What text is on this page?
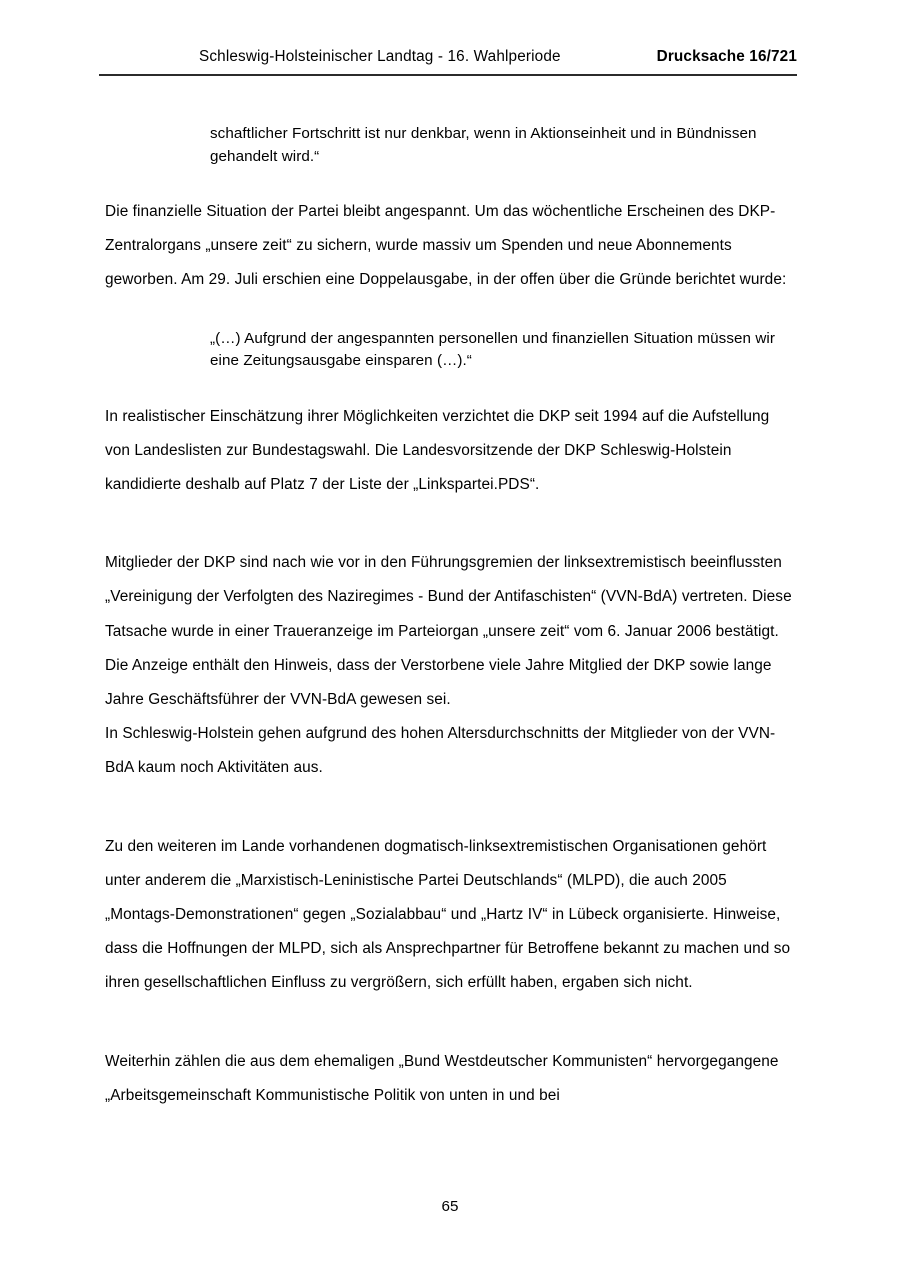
Schleswig-Holsteinischer Landtag - 16. Wahlperiode	Drucksache 16/721

schaftlicher Fortschritt ist nur denkbar, wenn in Aktionseinheit und in Bündnissen gehandelt wird.“

Die finanzielle Situation der Partei bleibt angespannt. Um das wöchentliche Erscheinen des DKP-Zentralorgans „unsere zeit“ zu sichern, wurde massiv um Spenden und neue Abonnements geworben. Am 29. Juli erschien eine Doppelausgabe, in der offen über die Gründe berichtet wurde:

„(…) Aufgrund der angespannten personellen und finanziellen Situation müssen wir eine Zeitungsausgabe einsparen (…).“

In realistischer Einschätzung ihrer Möglichkeiten verzichtet die DKP seit 1994 auf die Aufstellung von Landeslisten zur Bundestagswahl. Die Landesvorsitzende der DKP Schleswig-Holstein kandidierte deshalb auf Platz 7 der Liste der „Linkspartei.PDS“.

Mitglieder der DKP sind nach wie vor in den Führungsgremien der linksextremistisch beeinflussten „Vereinigung der Verfolgten des Naziregimes - Bund der Antifaschisten“ (VVN-BdA) vertreten. Diese Tatsache wurde in einer Traueranzeige im Parteiorgan „unsere zeit“ vom 6. Januar 2006 bestätigt. Die Anzeige enthält den Hinweis, dass der Verstorbene viele Jahre Mitglied der DKP sowie lange Jahre Geschäftsführer der VVN-BdA gewesen sei.

In Schleswig-Holstein gehen aufgrund des hohen Altersdurchschnitts der Mitglieder von der VVN-BdA kaum noch Aktivitäten aus.

Zu den weiteren im Lande vorhandenen dogmatisch-linksextremistischen Organisationen gehört unter anderem die „Marxistisch-Leninistische Partei Deutschlands“ (MLPD), die auch 2005 „Montags-Demonstrationen“ gegen „Sozialabbau“ und „Hartz IV“ in Lübeck organisierte. Hinweise, dass die Hoffnungen der MLPD, sich als Ansprechpartner für Betroffene bekannt zu machen und so ihren gesellschaftlichen Einfluss zu vergrößern, sich erfüllt haben, ergaben sich nicht.

Weiterhin zählen die aus dem ehemaligen „Bund Westdeutscher Kommunisten“ hervorgegangene „Arbeitsgemeinschaft Kommunistische Politik von unten in und bei

65
